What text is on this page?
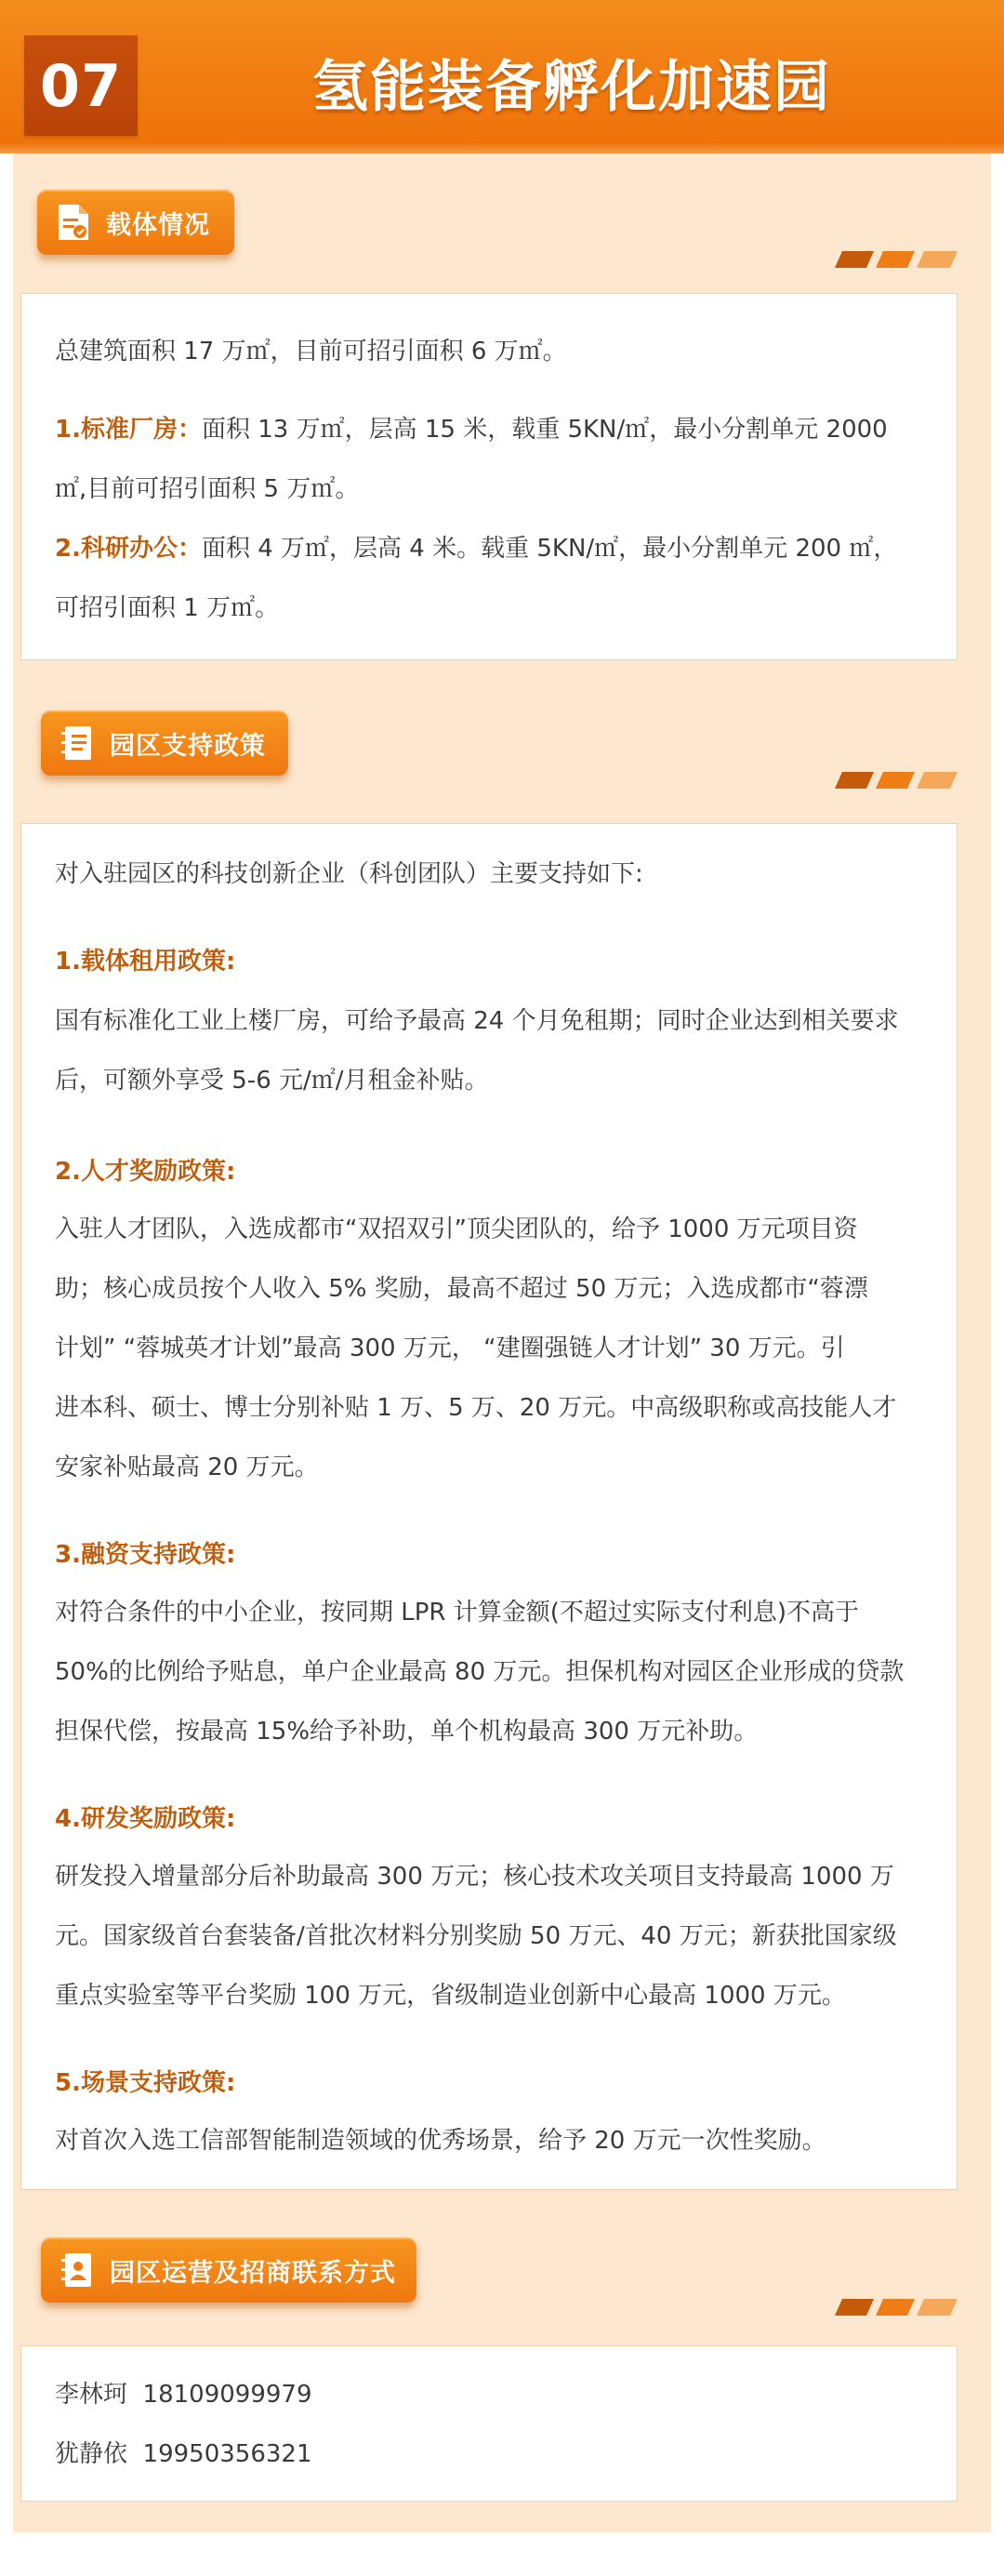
07	氢能装备孵化加速园
载体情况
总建筑面积 17 万㎡，目前可招引面积 6 万㎡。
1.标准厂房：面积 13 万㎡，层高 15 米，载重 5KN/㎡，最小分割单元 2000
㎡,目前可招引面积 5 万㎡。
2.科研办公：面积 4 万㎡，层高 4 米。载重 5KN/㎡，最小分割单元 200 ㎡，
可招引面积 1 万㎡。
园区支持政策
对入驻园区的科技创新企业（科创团队）主要支持如下:
1.载体租用政策:
国有标准化工业上楼厂房，可给予最高 24 个月免租期；同时企业达到相关要求
后，可额外享受 5-6 元/㎡/月租金补贴。
2.人才奖励政策:
入驻人才团队，入选成都市“双招双引”顶尖团队的，给予 1000 万元项目资
助；核心成员按个人收入 5% 奖励，最高不超过 50 万元；入选成都市“蓉漂
计划” “蓉城英才计划”最高 300 万元， “建圈强链人才计划” 30 万元。引
进本科、硕士、博士分别补贴 1 万、5 万、20 万元。中高级职称或高技能人才
安家补贴最高 20 万元。
3.融资支持政策:
对符合条件的中小企业，按同期 LPR 计算金额(不超过实际支付利息)不高于
50%的比例给予贴息，单户企业最高 80 万元。担保机构对园区企业形成的贷款
担保代偿，按最高 15%给予补助，单个机构最高 300 万元补助。
4.研发奖励政策:
研发投入增量部分后补助最高 300 万元；核心技术攻关项目支持最高 1000 万
元。国家级首台套装备/首批次材料分别奖励 50 万元、40 万元；新获批国家级
重点实验室等平台奖励 100 万元，省级制造业创新中心最高 1000 万元。
5.场景支持政策:
对首次入选工信部智能制造领域的优秀场景，给予 20 万元一次性奖励。
园区运营及招商联系方式
李林珂 18109099979
犹静依 19950356321
